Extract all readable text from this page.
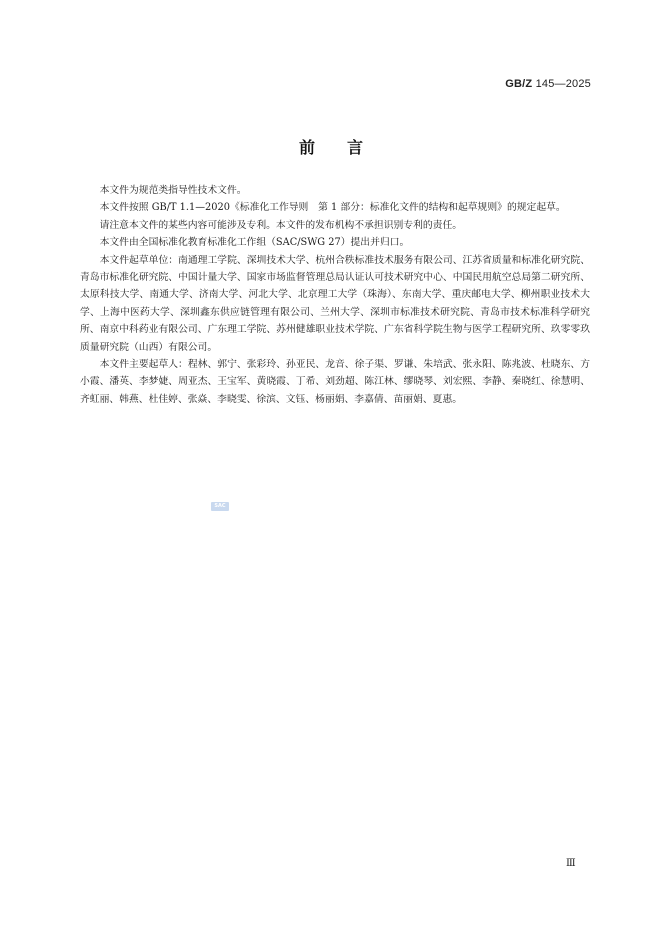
GB/Z 145—2025
前言

本文件为规范类指导性技术文件。

本文件按照 GB/T 1.1—2020《标准化工作导则　第 1 部分：标准化文件的结构和起草规则》的规定起草。

请注意本文件的某些内容可能涉及专利。本文件的发布机构不承担识别专利的责任。

本文件由全国标准化教育标准化工作组（SAC/SWG 27）提出并归口。

本文件起草单位：南通理工学院、深圳技术大学、杭州合秩标准技术服务有限公司、江苏省质量和标准化研究院、青岛市标准化研究院、中国计量大学、国家市场监督管理总局认证认可技术研究中心、中国民用航空总局第二研究所、太原科技大学、南通大学、济南大学、河北大学、北京理工大学（珠海）、东南大学、重庆邮电大学、柳州职业技术大学、上海中医药大学、深圳鑫东供应链管理有限公司、兰州大学、深圳市标准技术研究院、青岛市技术标准科学研究所、南京中科药业有限公司、广东理工学院、苏州健雄职业技术学院、广东省科学院生物与医学工程研究所、玖零零玖质量研究院（山西）有限公司。

本文件主要起草人：程林、郭宁、张彩玲、孙亚民、龙音、徐子渠、罗谦、朱培武、张永阳、陈兆波、杜晓东、方小霞、潘英、李梦婕、周亚杰、王宝军、黄晓霞、丁希、刘劲超、陈江林、缪晓琴、刘宏熙、李静、秦晓红、徐慧明、齐虹丽、韩燕、杜佳婷、张焱、李晓雯、徐滨、文钰、杨丽娟、李嘉倩、苗丽娟、夏惠。

SAC
Ⅲ
